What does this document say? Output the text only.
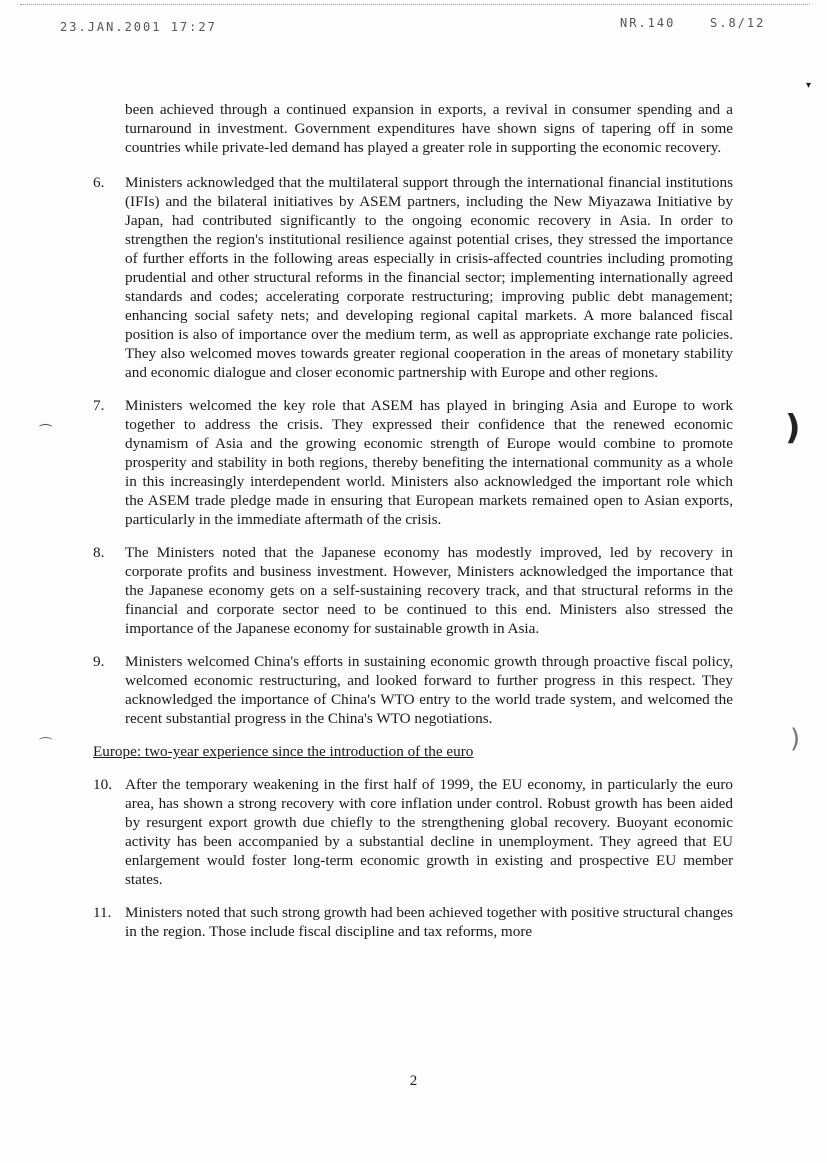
23.JAN.2001 17:27	NR.140	S.8/12

been achieved through a continued expansion in exports, a revival in consumer spending and a turnaround in investment. Government expenditures have shown signs of tapering off in some countries while private-led demand has played a greater role in supporting the economic recovery.

6.	Ministers acknowledged that the multilateral support through the international financial institutions (IFIs) and the bilateral initiatives by ASEM partners, including the New Miyazawa Initiative by Japan, had contributed significantly to the ongoing economic recovery in Asia. In order to strengthen the region's institutional resilience against potential crises, they stressed the importance of further efforts in the following areas especially in crisis-affected countries including promoting prudential and other structural reforms in the financial sector; implementing internationally agreed standards and codes; accelerating corporate restructuring; improving public debt management; enhancing social safety nets; and developing regional capital markets. A more balanced fiscal position is also of importance over the medium term, as well as appropriate exchange rate policies. They also welcomed moves towards greater regional cooperation in the areas of monetary stability and economic dialogue and closer economic partnership with Europe and other regions.
7.	Ministers welcomed the key role that ASEM has played in bringing Asia and Europe to work together to address the crisis. They expressed their confidence that the renewed economic dynamism of Asia and the growing economic strength of Europe would combine to promote prosperity and stability in both regions, thereby benefiting the international community as a whole in this increasingly interdependent world. Ministers also acknowledged the important role which the ASEM trade pledge made in ensuring that European markets remained open to Asian exports, particularly in the immediate aftermath of the crisis.
8.	The Ministers noted that the Japanese economy has modestly improved, led by recovery in corporate profits and business investment. However, Ministers acknowledged the importance that the Japanese economy gets on a self-sustaining recovery track, and that structural reforms in the financial and corporate sector need to be continued to this end. Ministers also stressed the importance of the Japanese economy for sustainable growth in Asia.
9.	Ministers welcomed China's efforts in sustaining economic growth through proactive fiscal policy, welcomed economic restructuring, and looked forward to further progress in this respect. They acknowledged the importance of China's WTO entry to the world trade system, and welcomed the recent substantial progress in the China's WTO negotiations.

Europe: two-year experience since the introduction of the euro

10. After the temporary weakening in the first half of 1999, the EU economy, in particularly the euro area, has shown a strong recovery with core inflation under control. Robust growth has been aided by resurgent export growth due chiefly to the strengthening global recovery. Buoyant economic activity has been accompanied by a substantial decline in unemployment. They agreed that EU enlargement would foster long-term economic growth in existing and prospective EU member states.
11. Ministers noted that such strong growth had been achieved together with positive structural changes in the region. Those include fiscal discipline and tax reforms, more
2
)
)
⁀
⁀
▾
